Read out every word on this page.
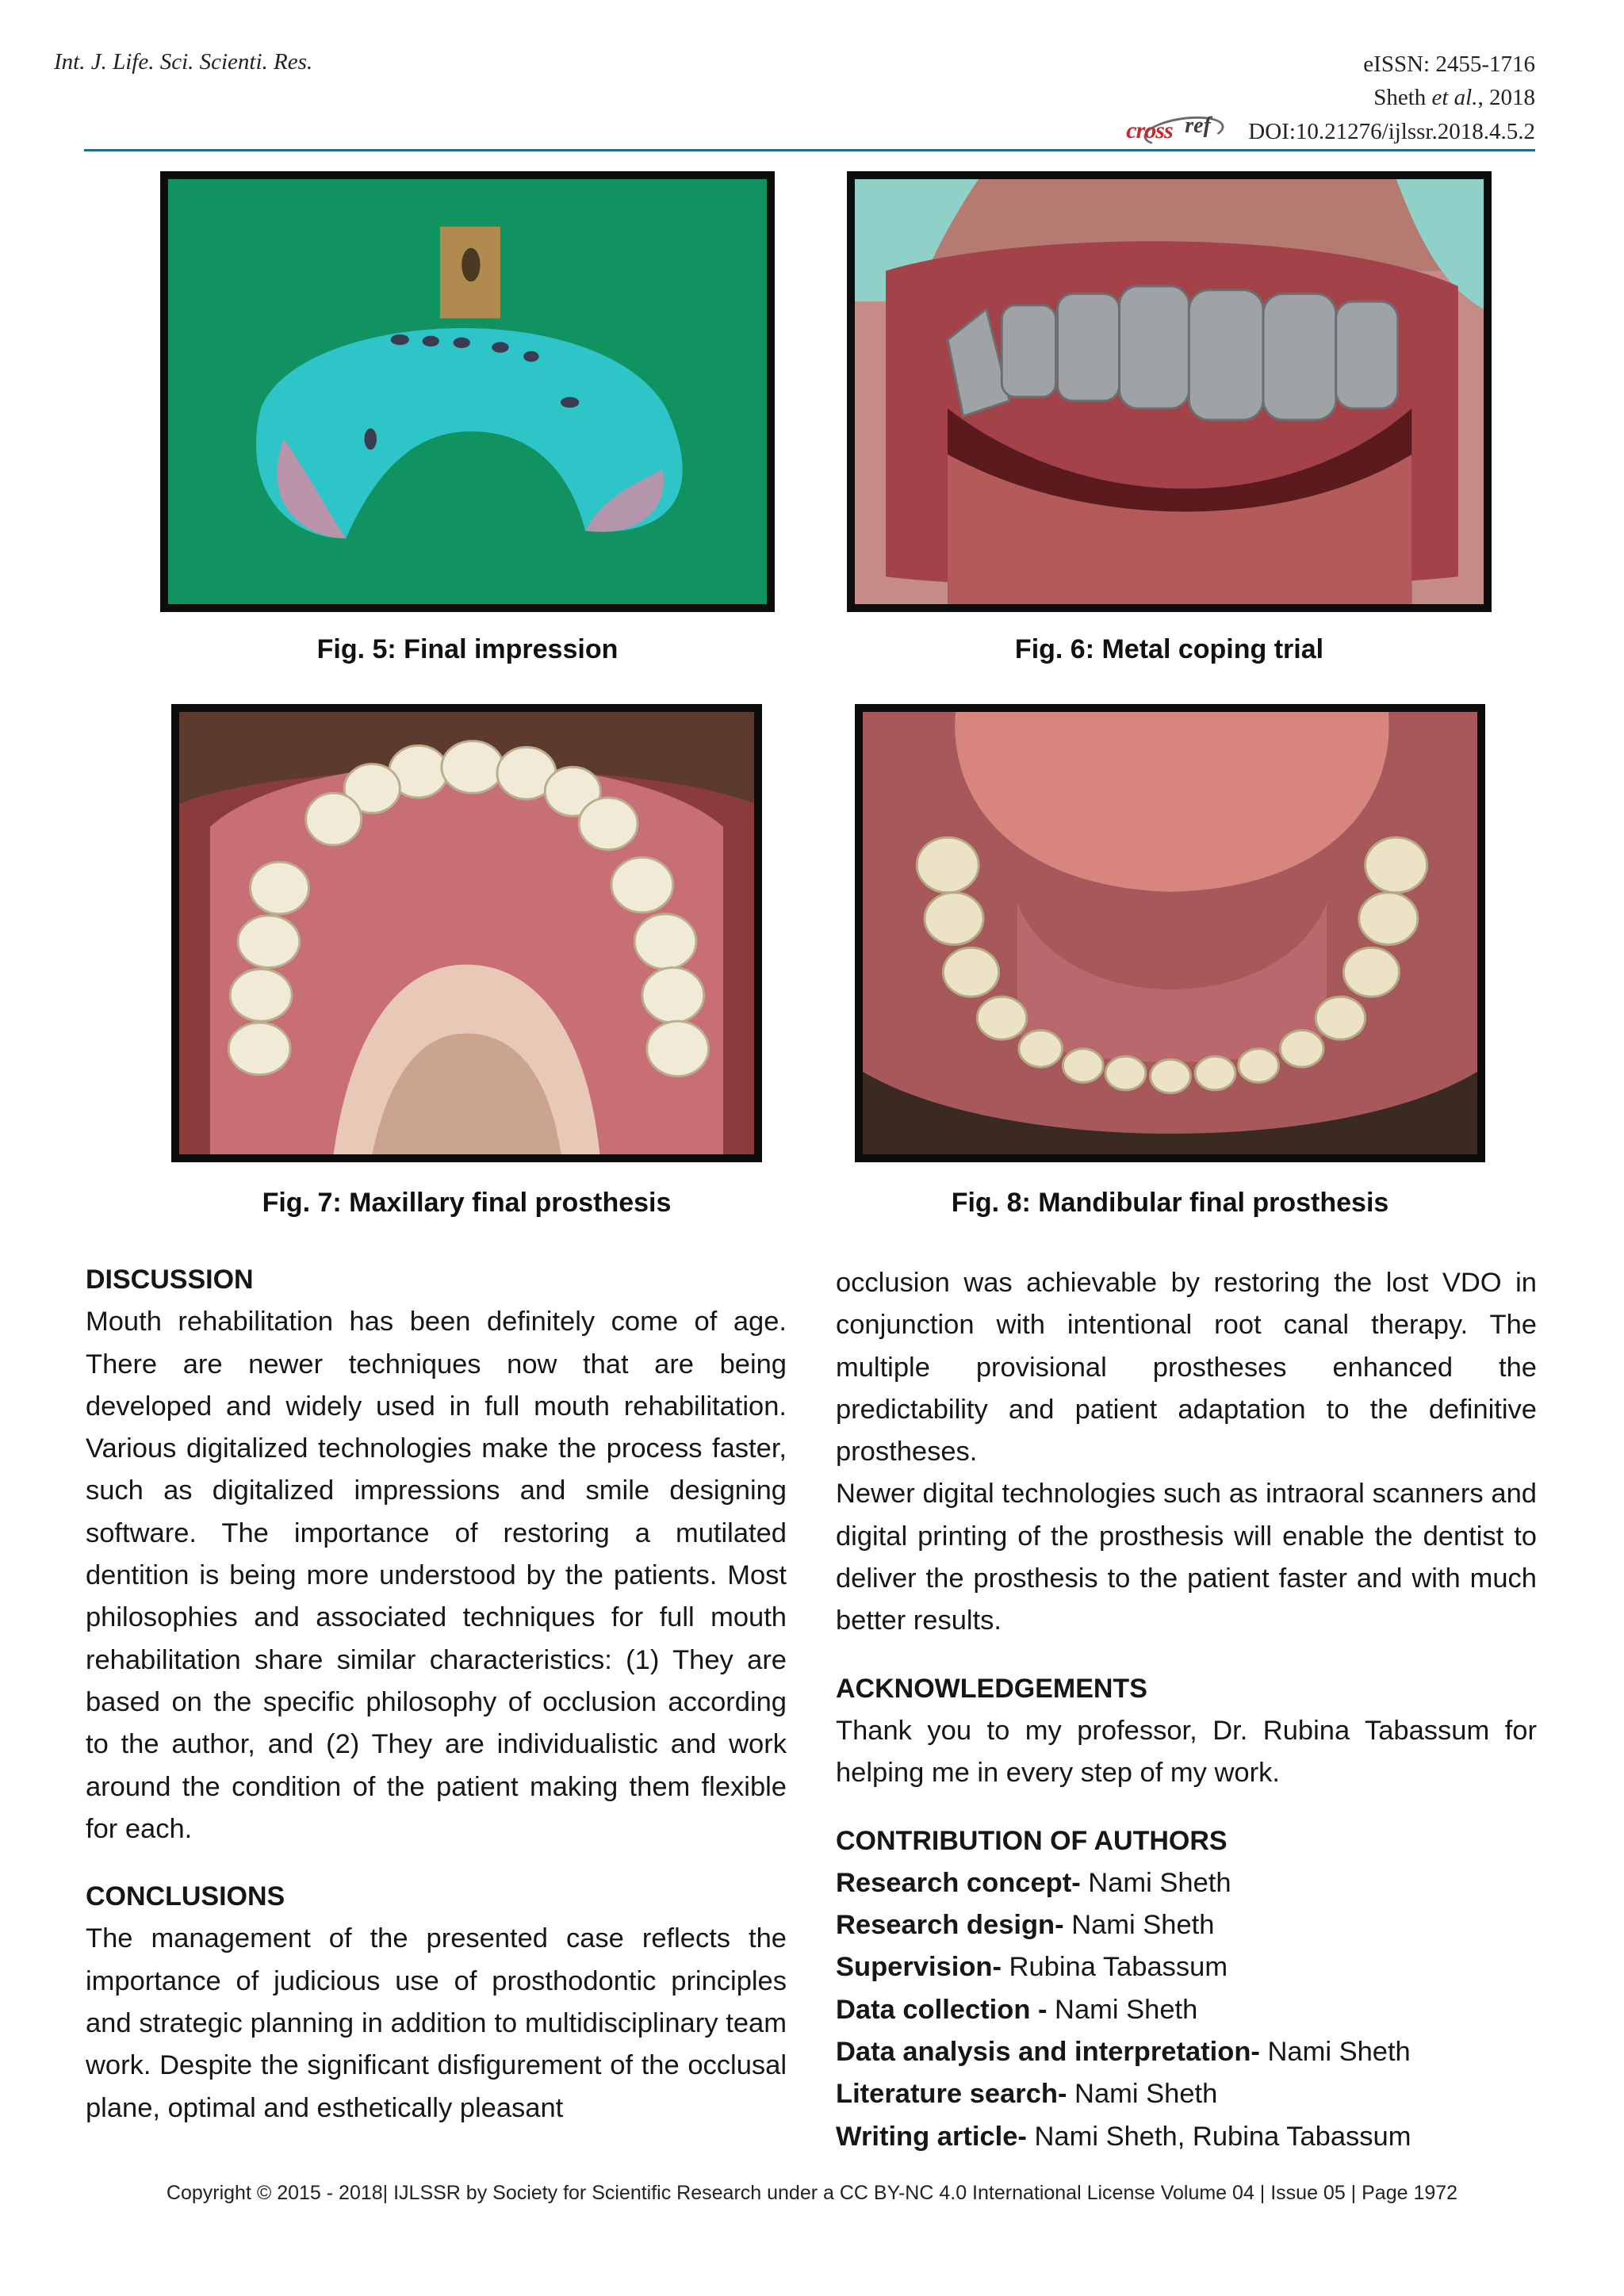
Int. J. Life. Sci. Scienti. Res.	eISSN: 2455-1716
Sheth et al., 2018
cross ref DOI:10.21276/ijlssr.2018.4.5.2
Fig. 5: Final impression	Fig. 6: Metal coping trial
Fig. 7: Maxillary final prosthesis	Fig. 8: Mandibular final prosthesis
DISCUSSION

Mouth rehabilitation has been definitely come of age. There are newer techniques now that are being developed and widely used in full mouth rehabilitation. Various digitalized technologies make the process faster, such as digitalized impressions and smile designing software. The importance of restoring a mutilated dentition is being more understood by the patients. Most philosophies and associated techniques for full mouth rehabilitation share similar characteristics: (1) They are based on the specific philosophy of occlusion according to the author, and (2) They are individualistic and work around the condition of the patient making them flexible for each.

CONCLUSIONS

The management of the presented case reflects the importance of judicious use of prosthodontic principles and strategic planning in addition to multidisciplinary team work. Despite the significant disfigurement of the occlusal plane, optimal and esthetically pleasant

occlusion was achievable by restoring the lost VDO in conjunction with intentional root canal therapy. The multiple provisional prostheses enhanced the predictability and patient adaptation to the definitive prostheses.

Newer digital technologies such as intraoral scanners and digital printing of the prosthesis will enable the dentist to deliver the prosthesis to the patient faster and with much better results.

ACKNOWLEDGEMENTS

Thank you to my professor, Dr. Rubina Tabassum for helping me in every step of my work.

CONTRIBUTION OF AUTHORS
Research concept- Nami Sheth
Research design- Nami Sheth
Supervision- Rubina Tabassum
Data collection - Nami Sheth
Data analysis and interpretation- Nami Sheth
Literature search- Nami Sheth
Writing article- Nami Sheth, Rubina Tabassum
Copyright © 2015 - 2018| IJLSSR by Society for Scientific Research under a CC BY-NC 4.0 International License Volume 04 | Issue 05 | Page 1972
